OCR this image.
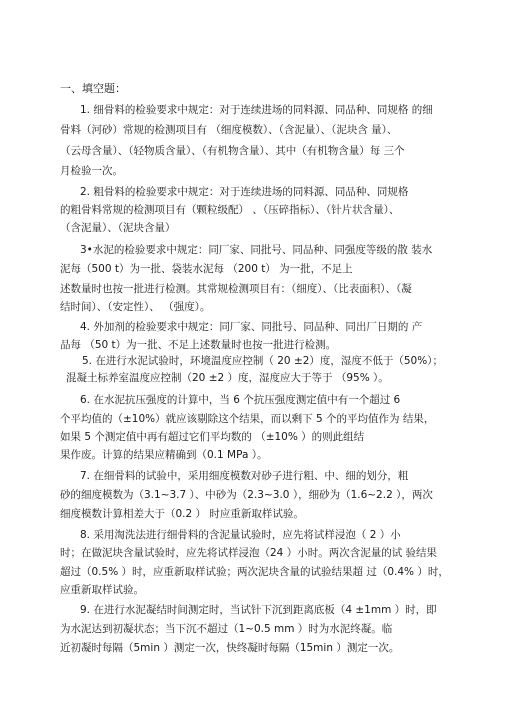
一、填空题：
1. 细骨料的检验要求中规定：对于连续进场的同料源、同品种、同规格 的细
骨料（河砂）常规的检测项目有 （细度模数）、（含泥量）、（泥块含 量）、
（云母含量）、（轻物质含量）、（有机物含量）、其中（有机物含量）每 三个
月检验一次。
2. 粗骨料的检验要求中规定：对于连续进场的同料源、同品种、同规格
的粗骨料常规的检测项目有（颗粒级配） 、（压碎指标）、（针片状含量）、
（含泥量）、（泥块含量）
3•水泥的检验要求中规定：同厂家、同批号、同品种、同强度等级的散 装水
泥每（500 t）为一批、袋装水泥每 （200 t） 为一批，不足上
述数量时也按一批进行检测。其常规检测项目有：（细度）、（比表面积）、（凝
结时间）、（安定性）、 （强度）。
4. 外加剂的检验要求中规定：同厂家、同批号、同品种、同出厂日期的 产
品每 （50 t）为一批、不足上述数量时也按一批进行检测。
5. 在进行水泥试验时，环境温度应控制（ 20 ±2）度，湿度不低于（50%）；
混凝土标养室温度应控制（20 ±2 ）度，湿度应大于等于 （95% ）。
6. 在水泥抗压强度的计算中，当 6 个抗压强度测定值中有一个超过 6
个平均值的（±10%）就应该剔除这个结果，而以剩下 5 个的平均值作为 结果，
如果 5 个测定值中再有超过它们平均数的 （±10% ）的则此组结
果作废。计算的结果应精确到（0.1 MPa ）。
7. 在细骨料的试验中，采用细度模数对砂子进行粗、中、细的划分，粗
砂的细度模数为（3.1~3.7 ）、中砂为（2.3~3.0 ），细砂为（1.6~2.2 ），两次
细度模数计算相差大于（0.2 ） 时应重新取样试验。
8. 采用淘洗法进行细骨料的含泥量试验时，应先将试样浸泡（ 2 ）小
时；在做泥块含量试验时，应先将试样浸泡（24 ）小时。两次含泥量的试 验结果
超过（0.5% ）时，应重新取样试验；两次泥块含量的试验结果超 过（0.4% ）时，
应重新取样试验。
9. 在进行水泥凝结时间测定时，当试针下沉到距离底板（4 ±1mm ）时，即
为水泥达到初凝状态；当下沉不超过（1~0.5 mm ）时为水泥终凝。临
近初凝时每隔（5min ）测定一次，快终凝时每隔（15min ）测定一次。
